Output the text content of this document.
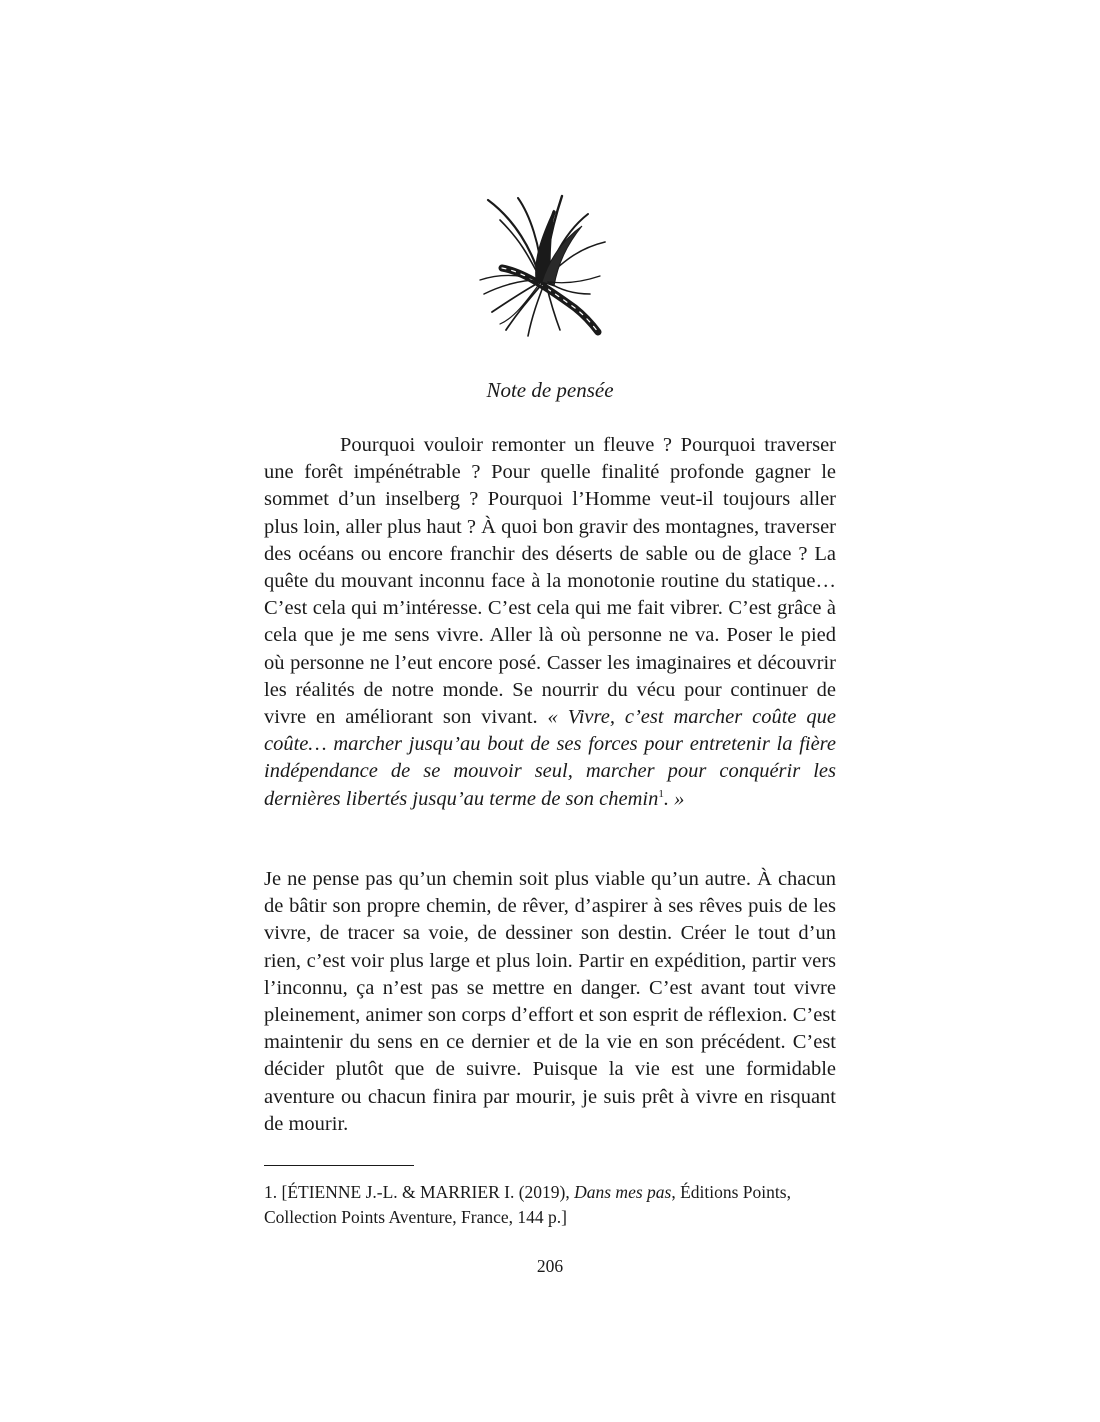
Note de pensée
Pourquoi vouloir remonter un fleuve ? Pourquoi traverser une forêt impénétrable ? Pour quelle finalité profonde gagner le sommet d’un inselberg ? Pourquoi l’Homme veut-il toujours aller plus loin, aller plus haut ? À quoi bon gravir des montagnes, traverser des océans ou encore franchir des déserts de sable ou de glace ? La quête du mouvant inconnu face à la monotonie routine du statique… C’est cela qui m’intéresse. C’est cela qui me fait vibrer. C’est grâce à cela que je me sens vivre. Aller là où personne ne va. Poser le pied où personne ne l’eut encore posé. Casser les imaginaires et découvrir les réalités de notre monde. Se nourrir du vécu pour continuer de vivre en améliorant son vivant. « Vivre, c’est marcher coûte que coûte… marcher jusqu’au bout de ses forces pour entretenir la fière indépendance de se mouvoir seul, marcher pour conquérir les dernières libertés jusqu’au terme de son chemin$^1$. »
Je ne pense pas qu’un chemin soit plus viable qu’un autre. À chacun de bâtir son propre chemin, de rêver, d’aspirer à ses rêves puis de les vivre, de tracer sa voie, de dessiner son destin. Créer le tout d’un rien, c’est voir plus large et plus loin. Partir en expédition, partir vers l’inconnu, ça n’est pas se mettre en danger. C’est avant tout vivre pleinement, animer son corps d’effort et son esprit de réflexion. C’est maintenir du sens en ce dernier et de la vie en son précédent. C’est décider plutôt que de suivre. Puisque la vie est une formidable aventure ou chacun finira par mourir, je suis prêt à vivre en risquant de mourir.
1. [ÉTIENNE J.-L. & MARRIER I. (2019), Dans mes pas, Éditions Points, Collection Points Aventure, France, 144 p.]
206
